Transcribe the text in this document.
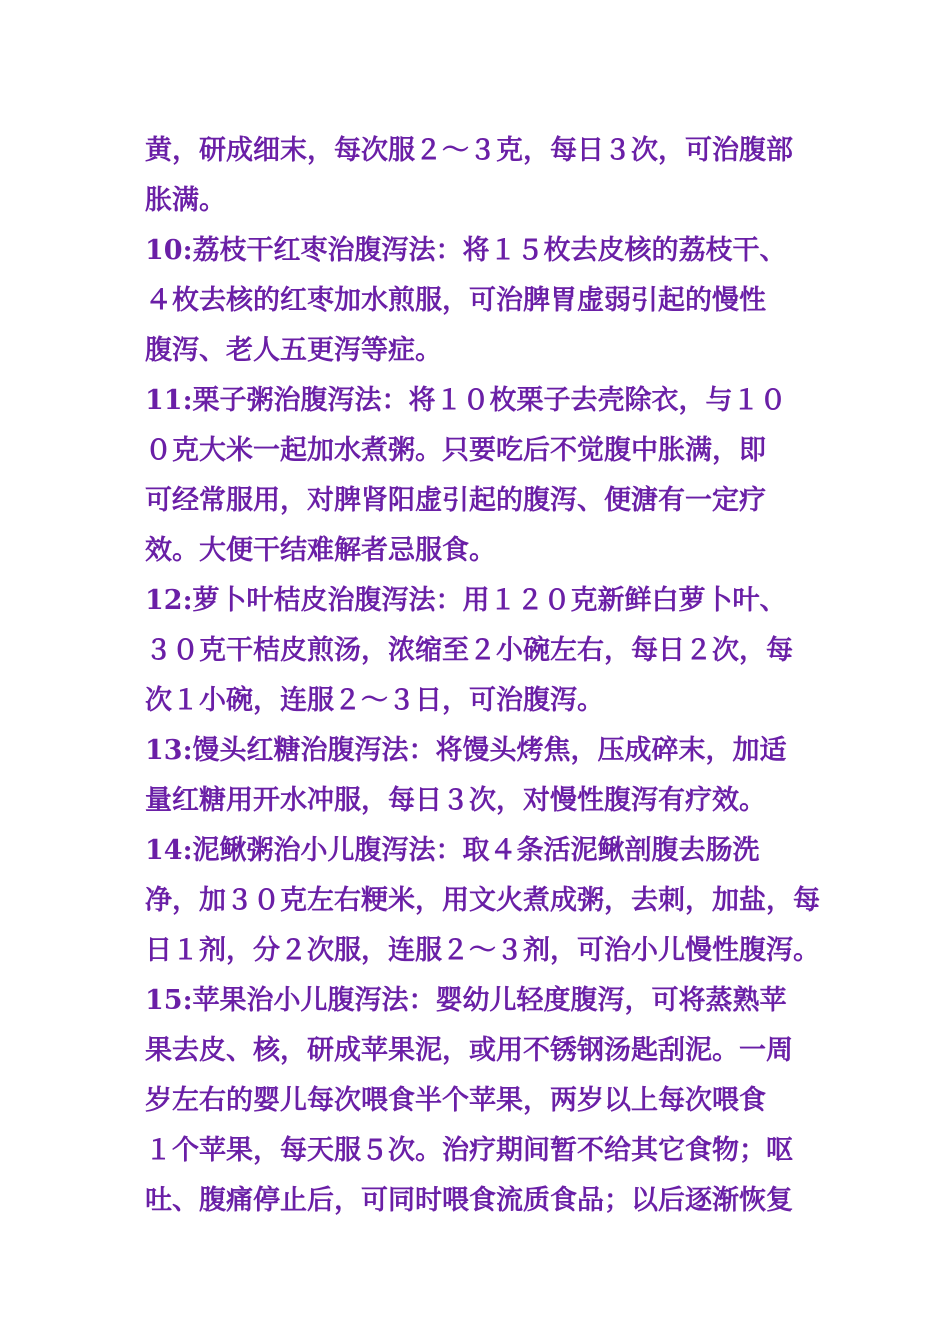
黄，研成细末，每次服２～３克，每日３次，可治腹部
胀满。
10:荔枝干红枣治腹泻法：将１５枚去皮核的荔枝干、
４枚去核的红枣加水煎服，可治脾胃虚弱引起的慢性
腹泻、老人五更泻等症。
11:栗子粥治腹泻法：将１０枚栗子去壳除衣，与１０
０克大米一起加水煮粥。只要吃后不觉腹中胀满，即
可经常服用，对脾肾阳虚引起的腹泻、便溏有一定疗
效。大便干结难解者忌服食。
12:萝卜叶桔皮治腹泻法：用１２０克新鲜白萝卜叶、
３０克干桔皮煎汤，浓缩至２小碗左右，每日２次，每
次１小碗，连服２～３日，可治腹泻。
13:馒头红糖治腹泻法：将馒头烤焦，压成碎末，加适
量红糖用开水冲服，每日３次，对慢性腹泻有疗效。
14:泥鳅粥治小儿腹泻法：取４条活泥鳅剖腹去肠洗
净，加３０克左右粳米，用文火煮成粥，去刺，加盐，每
日１剂，分２次服，连服２～３剂，可治小儿慢性腹泻。
15:苹果治小儿腹泻法：婴幼儿轻度腹泻，可将蒸熟苹
果去皮、核，研成苹果泥，或用不锈钢汤匙刮泥。一周
岁左右的婴儿每次喂食半个苹果，两岁以上每次喂食
１个苹果，每天服５次。治疗期间暂不给其它食物；呕
吐、腹痛停止后，可同时喂食流质食品；以后逐渐恢复
